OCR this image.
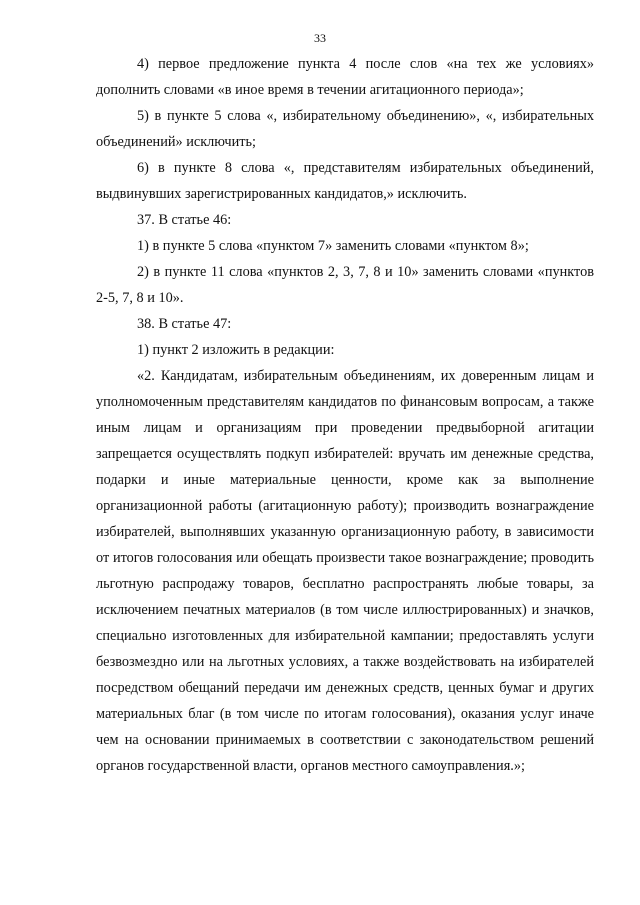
33

4) первое предложение пункта 4 после слов «на тех же условиях» дополнить словами «в иное время в течении агитационного периода»;

5) в пункте 5 слова «, избирательному объединению», «, избирательных объединений» исключить;

6) в пункте 8 слова «, представителям избирательных объединений, выдвинувших зарегистрированных кандидатов,» исключить.

37. В статье 46:

1) в пункте 5 слова «пунктом 7» заменить словами «пунктом 8»;

2) в пункте 11 слова «пунктов 2, 3, 7, 8 и 10» заменить словами «пунктов 2-5, 7, 8 и 10».

38. В статье 47:

1) пункт 2 изложить в редакции:

«2. Кандидатам, избирательным объединениям, их доверенным лицам и уполномоченным представителям кандидатов по финансовым вопросам, а также иным лицам и организациям при проведении предвыборной агитации запрещается осуществлять подкуп избирателей: вручать им денежные средства, подарки и иные материальные ценности, кроме как за выполнение организационной работы (агитационную работу); производить вознаграждение избирателей, выполнявших указанную организационную работу, в зависимости от итогов голосования или обещать произвести такое вознаграждение; проводить льготную распродажу товаров, бесплатно распространять любые товары, за исключением печатных материалов (в том числе иллюстрированных) и значков, специально изготовленных для избирательной кампании; предоставлять услуги безвозмездно или на льготных условиях, а также воздействовать на избирателей посредством обещаний передачи им денежных средств, ценных бумаг и других материальных благ (в том числе по итогам голосования), оказания услуг иначе чем на основании принимаемых в соответствии с законодательством решений органов государственной власти, органов местного самоуправления.»;
